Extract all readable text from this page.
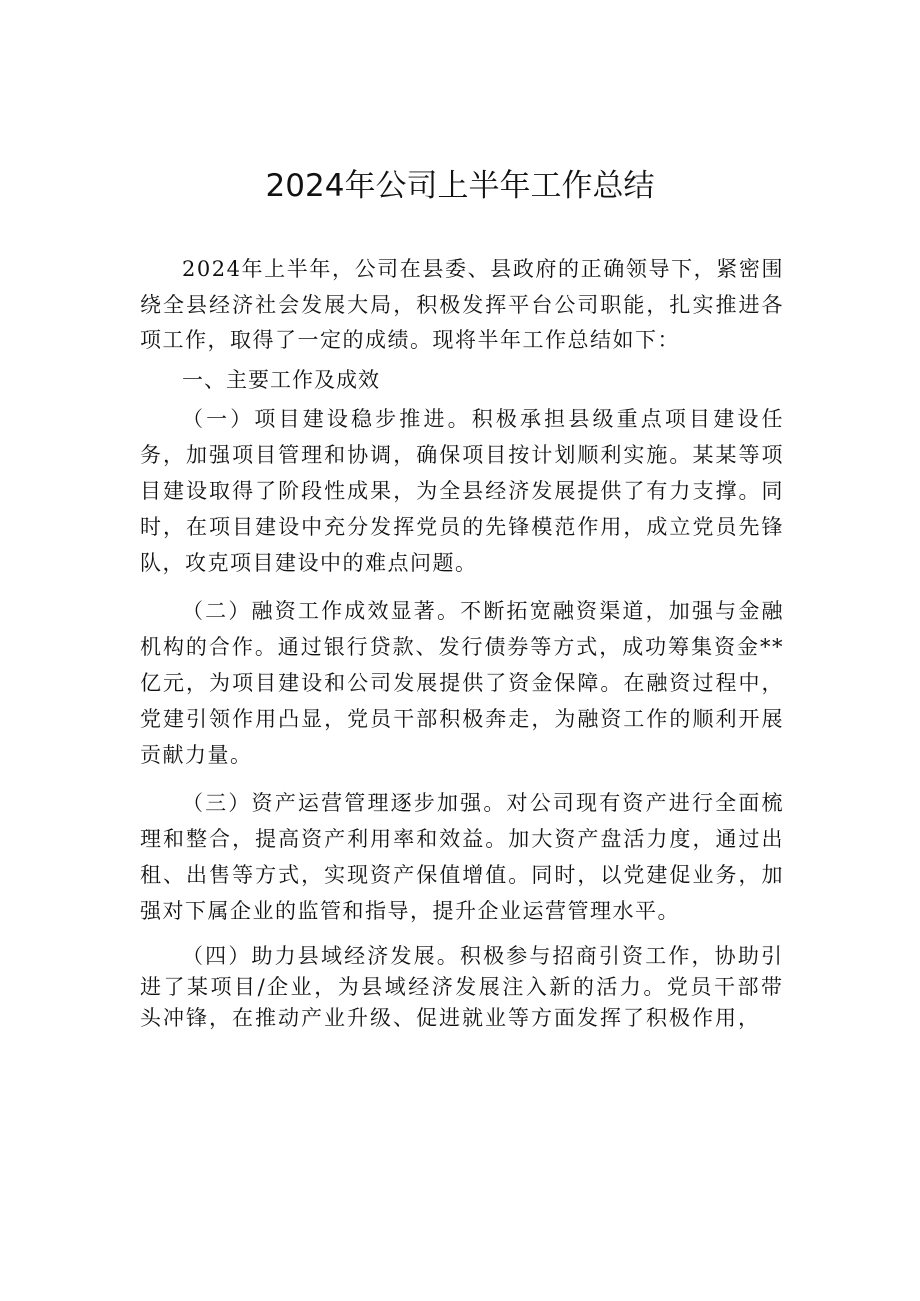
2024年公司上半年工作总结

2024年上半年，公司在县委、县政府的正确领导下，紧密围绕全县经济社会发展大局，积极发挥平台公司职能，扎实推进各项工作，取得了一定的成绩。现将半年工作总结如下：

一、主要工作及成效

（一）项目建设稳步推进。积极承担县级重点项目建设任务，加强项目管理和协调，确保项目按计划顺利实施。某某等项目建设取得了阶段性成果，为全县经济发展提供了有力支撑。同时，在项目建设中充分发挥党员的先锋模范作用，成立党员先锋队，攻克项目建设中的难点问题。

（二）融资工作成效显著。不断拓宽融资渠道，加强与金融机构的合作。通过银行贷款、发行债券等方式，成功筹集资金**亿元，为项目建设和公司发展提供了资金保障。在融资过程中，党建引领作用凸显，党员干部积极奔走，为融资工作的顺利开展贡献力量。

（三）资产运营管理逐步加强。对公司现有资产进行全面梳理和整合，提高资产利用率和效益。加大资产盘活力度，通过出租、出售等方式，实现资产保值增值。同时，以党建促业务，加强对下属企业的监管和指导，提升企业运营管理水平。

（四）助力县域经济发展。积极参与招商引资工作，协助引进了某项目/企业，为县域经济发展注入新的活力。党员干部带头冲锋，在推动产业升级、促进就业等方面发挥了积极作用，
